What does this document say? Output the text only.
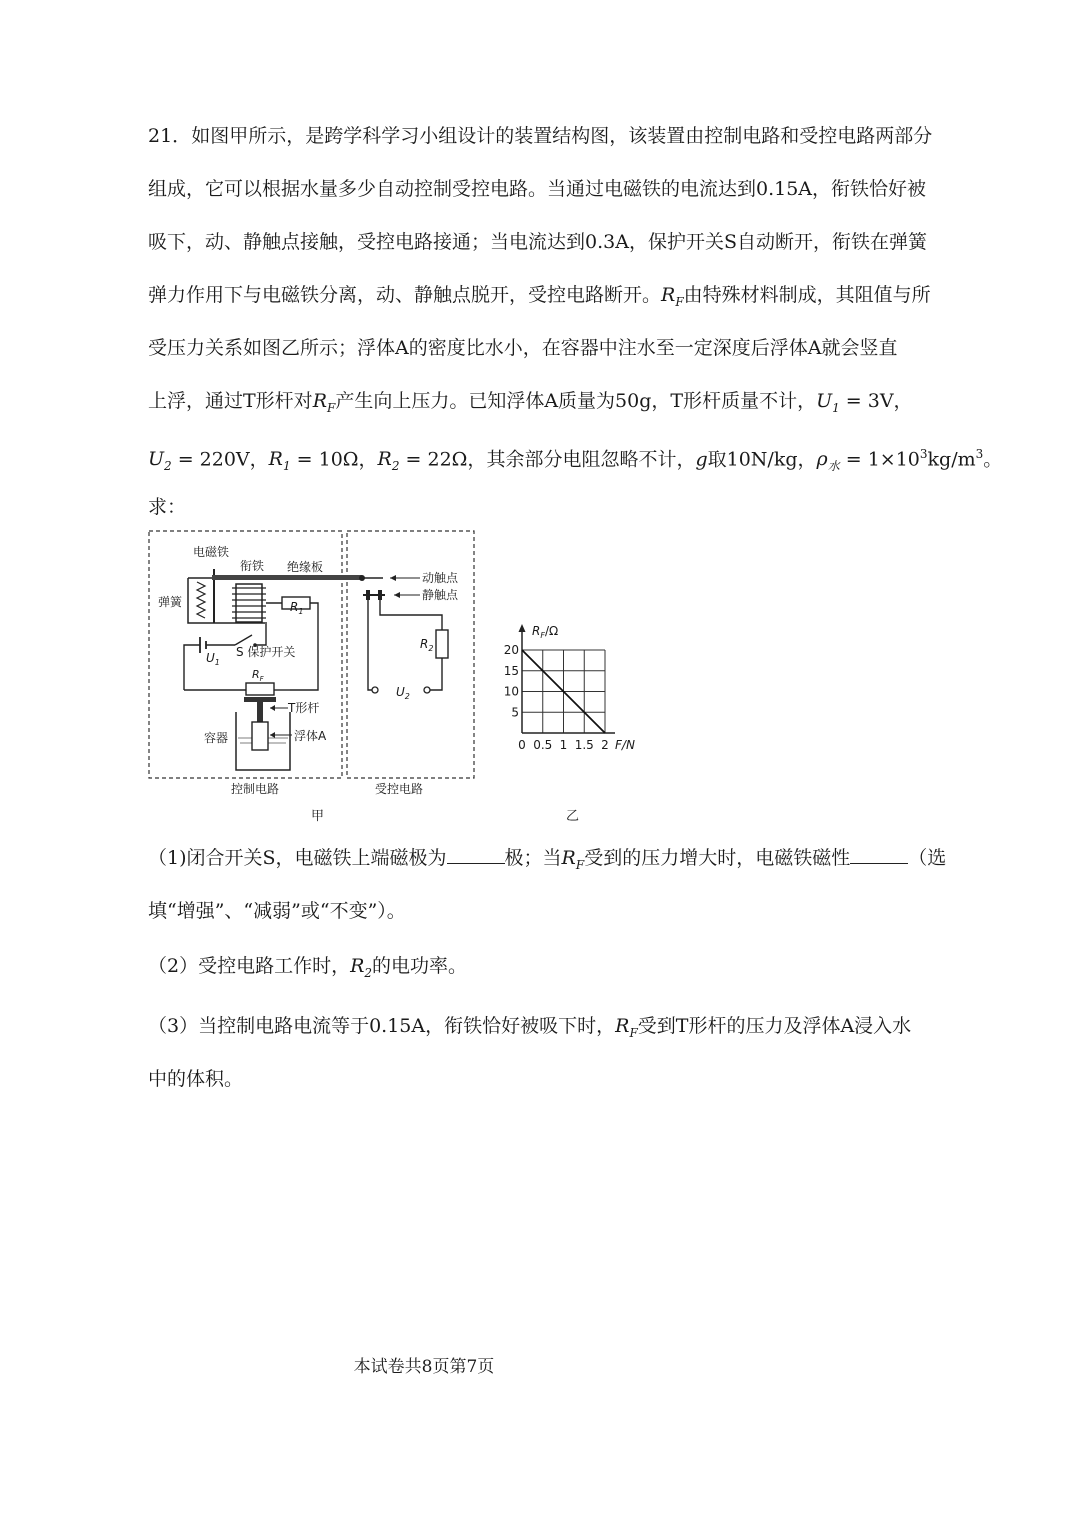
21．如图甲所示，是跨学科学习小组设计的装置结构图，该装置由控制电路和受控电路两部分
组成，它可以根据水量多少自动控制受控电路。当通过电磁铁的电流达到0.15A，衔铁恰好被
吸下，动、静触点接触，受控电路接通；当电流达到0.3A，保护开关S自动断开，衔铁在弹簧
弹力作用下与电磁铁分离，动、静触点脱开，受控电路断开。$R_F$由特殊材料制成，其阻值与所
受压力关系如图乙所示；浮体A的密度比水小，在容器中注水至一定深度后浮体A就会竖直
上浮，通过T形杆对$R_F$产生向上压力。已知浮体A质量为50g，T形杆质量不计，$U_1 = 3V$，
$U_2 = 220V$，$R_1 = 10\Omega$，$R_2 = 22\Omega$，其余部分电阻忽略不计，g取10N/kg，$\rho_水 = 1\times 10^3kg/m^3$。
求：
电磁铁
衔铁 绝缘板
弹簧
动触点
静触点
$R_1$
$R_2$
$U_1$
S 保护开关
$R_F$
T形杆
容器	浮体A
$U_2$
控制电路	受控电路
甲
0 0.5 1 1.5 2
5
10
15
20
$R_F/\Omega$
F/N
乙
（1)闭合开关S，电磁铁上端磁极为	极；当$R_F$受到的压力增大时，电磁铁磁性	（选
填“增强”、“减弱”或“不变”）。
（2）受控电路工作时，$R_2$的电功率。
（3）当控制电路电流等于0.15A，衔铁恰好被吸下时，$R_F$受到T形杆的压力及浮体A浸入水
中的体积。
本试卷共8页第7页
